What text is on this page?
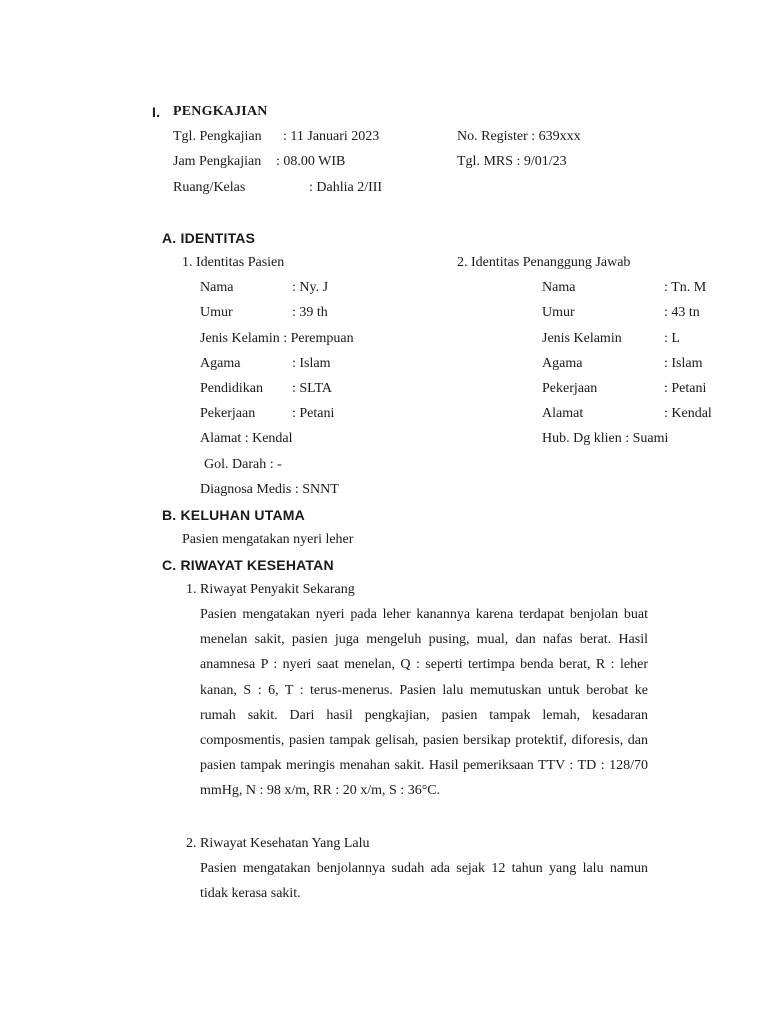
I. PENGKAJIAN
Tgl. Pengkajian : 11 Januari 2023
Jam Pengkajian : 08.00 WIB
Ruang/Kelas	: Dahlia 2/III
No. Register : 639xxx
Tgl. MRS : 9/01/23
A. IDENTITAS
1. Identitas Pasien	2. Identitas Penanggung Jawab
Nama	: Ny. J
Umur	: 39 th
Jenis Kelamin : Perempuan
Agama	: Islam
Pendidikan : SLTA
Pekerjaan	: Petani
Alamat : Kendal
Gol. Darah : -
Diagnosa Medis : SNNT
Nama	: Tn. M
Umur	: 43 tn
Jenis Kelamin	: L
Agama	: Islam
Pekerjaan	: Petani
Alamat	: Kendal
Hub. Dg klien : Suami
B. KELUHAN UTAMA
Pasien mengatakan nyeri leher
C. RIWAYAT KESEHATAN
1. Riwayat Penyakit Sekarang
Pasien mengatakan nyeri pada leher kanannya karena terdapat benjolan buat menelan sakit, pasien juga mengeluh pusing, mual, dan nafas berat. Hasil anamnesa P : nyeri saat menelan, Q : seperti tertimpa benda berat, R : leher kanan, S : 6, T : terus-menerus. Pasien lalu memutuskan untuk berobat ke rumah sakit. Dari hasil pengkajian, pasien tampak lemah, kesadaran composmentis, pasien tampak gelisah, pasien bersikap protektif, diforesis, dan pasien tampak meringis menahan sakit. Hasil pemeriksaan TTV : TD : 128/70 mmHg, N : 98 x/m, RR : 20 x/m, S : 36°C.
2. Riwayat Kesehatan Yang Lalu
Pasien mengatakan benjolannya sudah ada sejak 12 tahun yang lalu namun tidak kerasa sakit.
